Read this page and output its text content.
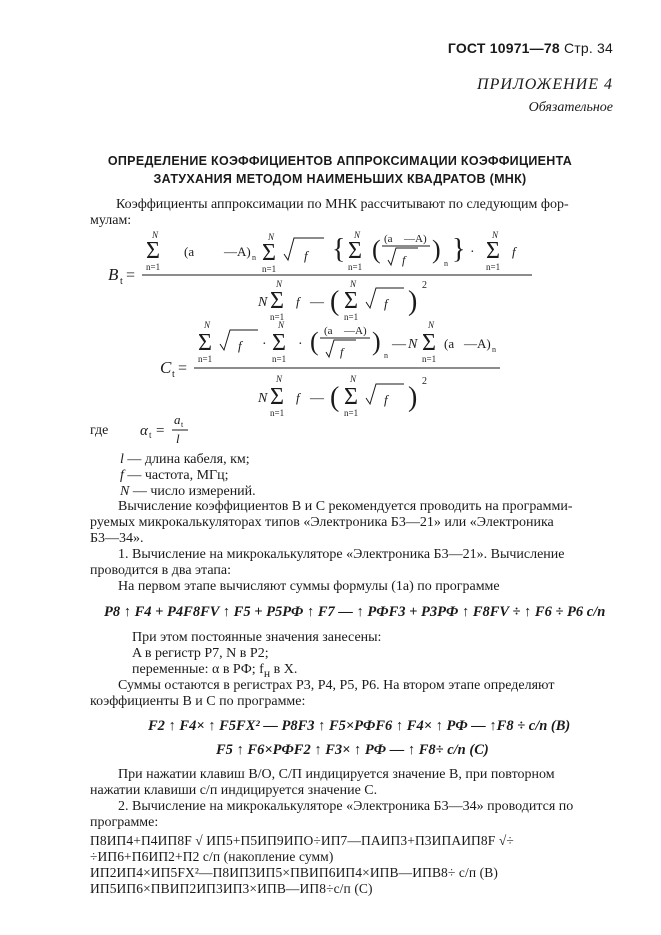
ГОСТ 10971—78 Стр. 34
ПРИЛОЖЕНИЕ 4
Обязательное
ОПРЕДЕЛЕНИЕ КОЭФФИЦИЕНТОВ АППРОКСИМАЦИИ КОЭФФИЦИЕНТА
ЗАТУХАНИЯ МЕТОДОМ НАИМЕНЬШИХ КВАДРАТОВ (МНК)
Коэффициенты аппроксимации по МНК рассчитывают по следующим фор-
мулам:
B t =
N
Σ
n=1
(a —A) n
N
Σ
n=1
f { N
Σ
n=1
( (a —A)
f ) n } ·
N
Σ
n=1
f
N
N
Σ
n=1
f — (
N
Σ
n=1
f )
2
C t =
N
Σ
n=1
f ·
N
Σ
n=1
· ( (a —A)
f ) n
— N
N
Σ
n=1
(a —A) n
N
N
Σ
n=1
f — (
N
Σ
n=1
f )
2
где α t =
a t
l
l — длина кабеля, км;
f — частота, МГц;
N — число измерений.
Вычисление коэффициентов B и C рекомендуется проводить на программи-
руемых микрокалькуляторах типов «Электроника Б3—21» или «Электроника
Б3—34».
1. Вычисление на микрокалькуляторе «Электроника Б3—21». Вычисление
проводится в два этапа:
На первом этапе вычисляют суммы формулы (1а) по программе
Р8 ↑ F4 + P4F8FV ↑ F5 + P5PФ ↑ F7 — ↑ PФF3 + P3PФ ↑ F8FV ÷ ↑ F6 ÷ P6 с/п
При этом постоянные значения занесены:
A в регистр P7, N в P2;
переменные: α в PФ; $f_н$ в X.
Суммы остаются в регистрах Р3, Р4, Р5, Р6. На втором этапе определяют
коэффициенты B и C по программе:
F2 ↑ F4× ↑ F5FX² — P8F3 ↑ F5×PФF6 ↑ F4× ↑ PФ — ↑F8 ÷ с/п (B)
F5 ↑ F6×PФF2 ↑ F3× ↑ PФ — ↑ F8÷ с/п (C)
При нажатии клавиш В/О, С/П индицируется значение В, при повторном
нажатии клавиши с/п индицируется значение С.
2. Вычисление на микрокалькуляторе «Электроника Б3—34» проводится по
программе:
П8ИП4+П4ИП8F √ ИП5+П5ИП9ИПО÷ИП7—ПАИП3+П3ИПАИП8F √÷
÷ИП6+П6ИП2+П2 с/п (накопление сумм)
ИП2ИП4×ИП5FX²—П8ИП3ИП5×ПВИП6ИП4×ИПВ—ИПВ8÷ с/п (В)
ИП5ИП6×ПВИП2ИП3ИП3×ИПВ—ИП8÷с/п (С)
